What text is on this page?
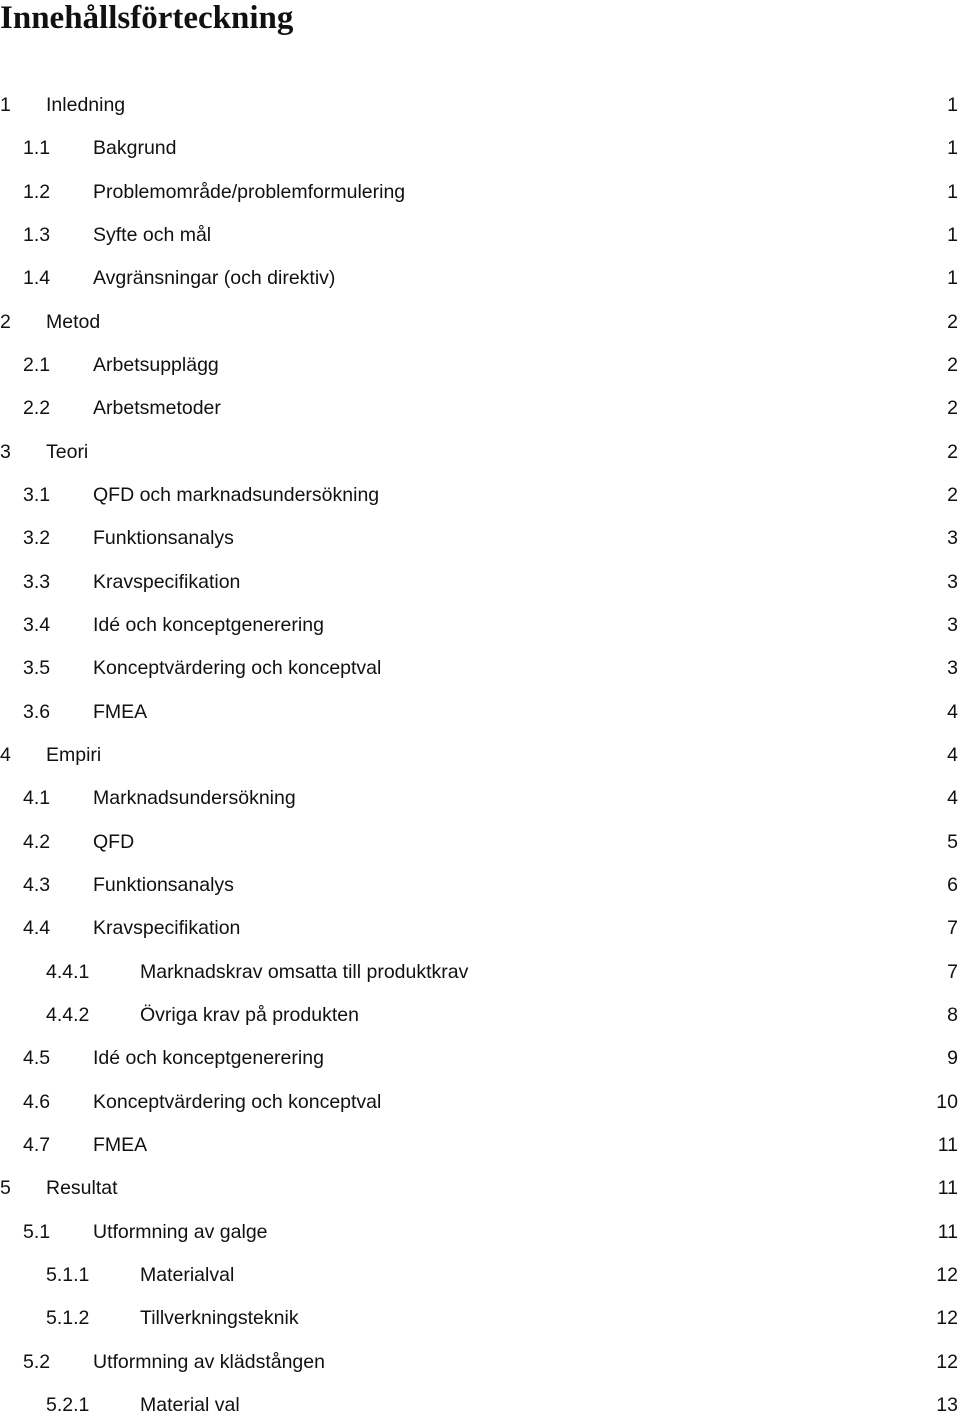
Innehållsförteckning
1 Inledning	1
1.1 Bakgrund	1
1.2 Problemområde/problemformulering	1
1.3 Syfte och mål	1
1.4 Avgränsningar (och direktiv)	1
2 Metod	2
2.1 Arbetsupplägg	2
2.2 Arbetsmetoder	2
3 Teori	2
3.1 QFD och marknadsundersökning	2
3.2 Funktionsanalys	3
3.3 Kravspecifikation	3
3.4 Idé och konceptgenerering	3
3.5 Konceptvärdering och konceptval	3
3.6 FMEA	4
4 Empiri	4
4.1 Marknadsundersökning	4
4.2 QFD	5
4.3 Funktionsanalys	6
4.4 Kravspecifikation	7
4.4.1	Marknadskrav omsatta till produktkrav	7
4.4.2	Övriga krav på produkten	8
4.5 Idé och konceptgenerering	9
4.6 Konceptvärdering och konceptval	10
4.7 FMEA	11
5 Resultat	11
5.1 Utformning av galge	11
5.1.1	Materialval	12
5.1.2	Tillverkningsteknik	12
5.2 Utformning av klädstången	12
5.2.1	Material val	13
